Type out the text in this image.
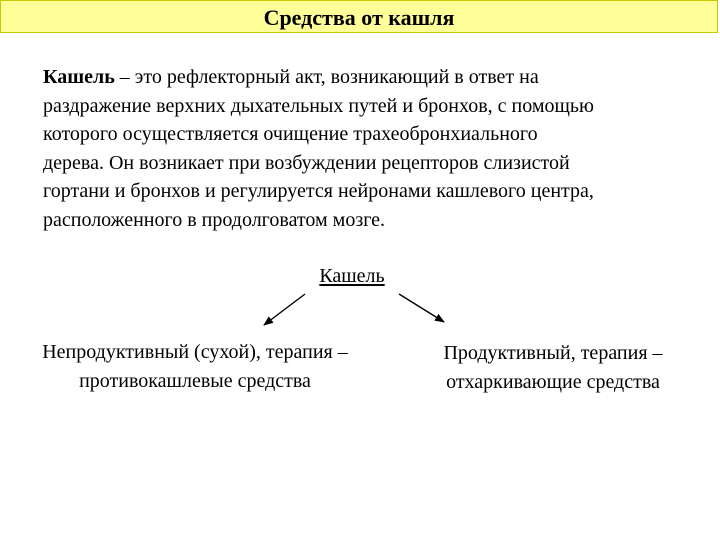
Средства от кашля
Кашель – это рефлекторный акт, возникающий в ответ на
раздражение верхних дыхательных путей и бронхов, с помощью
которого осуществляется очищение трахеобронхиального
дерева. Он возникает при возбуждении рецепторов слизистой
гортани и бронхов и регулируется нейронами кашлевого центра,
расположенного в продолговатом мозге.
Кашель
Непродуктивный (сухой), терапия –
противокашлевые средства
Продуктивный, терапия –
отхаркивающие средства
